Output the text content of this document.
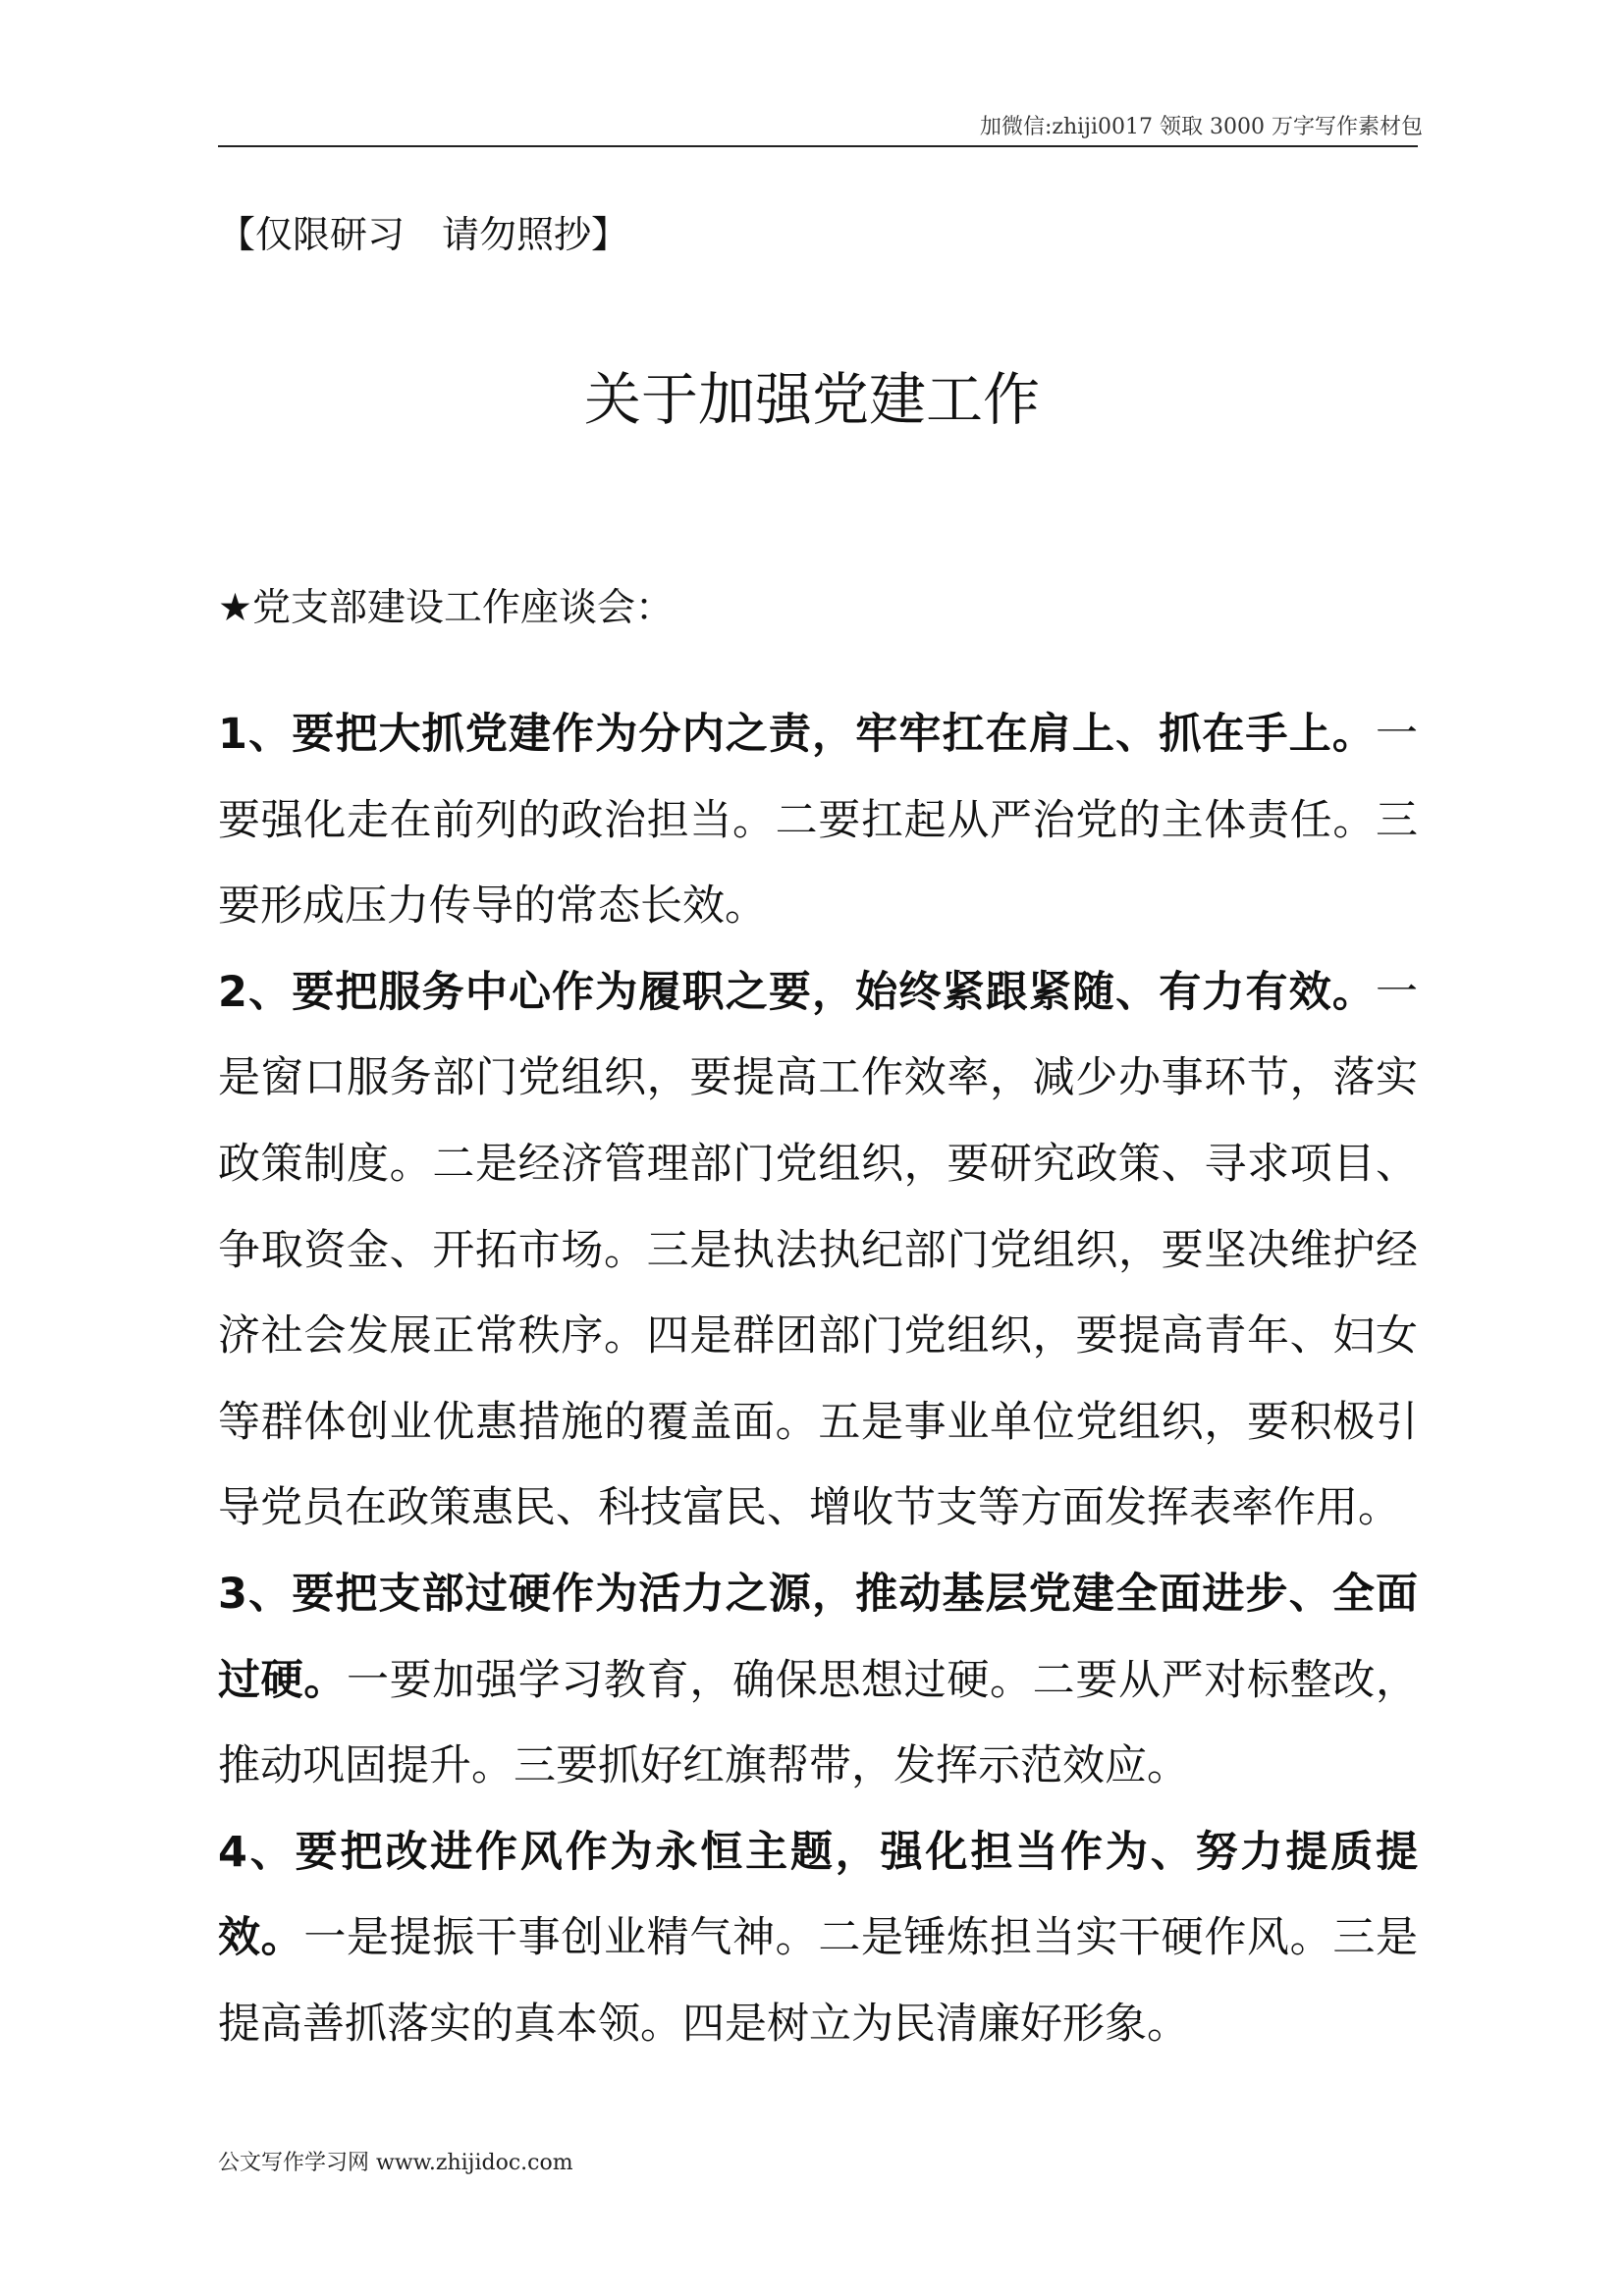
加微信:zhiji0017 领取 3000 万字写作素材包
【仅限研习　请勿照抄】
关于加强党建工作
★党支部建设工作座谈会：

1、要把大抓党建作为分内之责，牢牢扛在肩上、抓在手上。一要强化走在前列的政治担当。二要扛起从严治党的主体责任。三要形成压力传导的常态长效。

2、要把服务中心作为履职之要，始终紧跟紧随、有力有效。一是窗口服务部门党组织，要提高工作效率，减少办事环节，落实政策制度。二是经济管理部门党组织，要研究政策、寻求项目、争取资金、开拓市场。三是执法执纪部门党组织，要坚决维护经济社会发展正常秩序。四是群团部门党组织，要提高青年、妇女等群体创业优惠措施的覆盖面。五是事业单位党组织，要积极引导党员在政策惠民、科技富民、增收节支等方面发挥表率作用。

3、要把支部过硬作为活力之源，推动基层党建全面进步、全面过硬。一要加强学习教育，确保思想过硬。二要从严对标整改，推动巩固提升。三要抓好红旗帮带，发挥示范效应。

4、要把改进作风作为永恒主题，强化担当作为、努力提质提效。一是提振干事创业精气神。二是锤炼担当实干硬作风。三是提高善抓落实的真本领。四是树立为民清廉好形象。

公文写作学习网 www.zhijidoc.com
